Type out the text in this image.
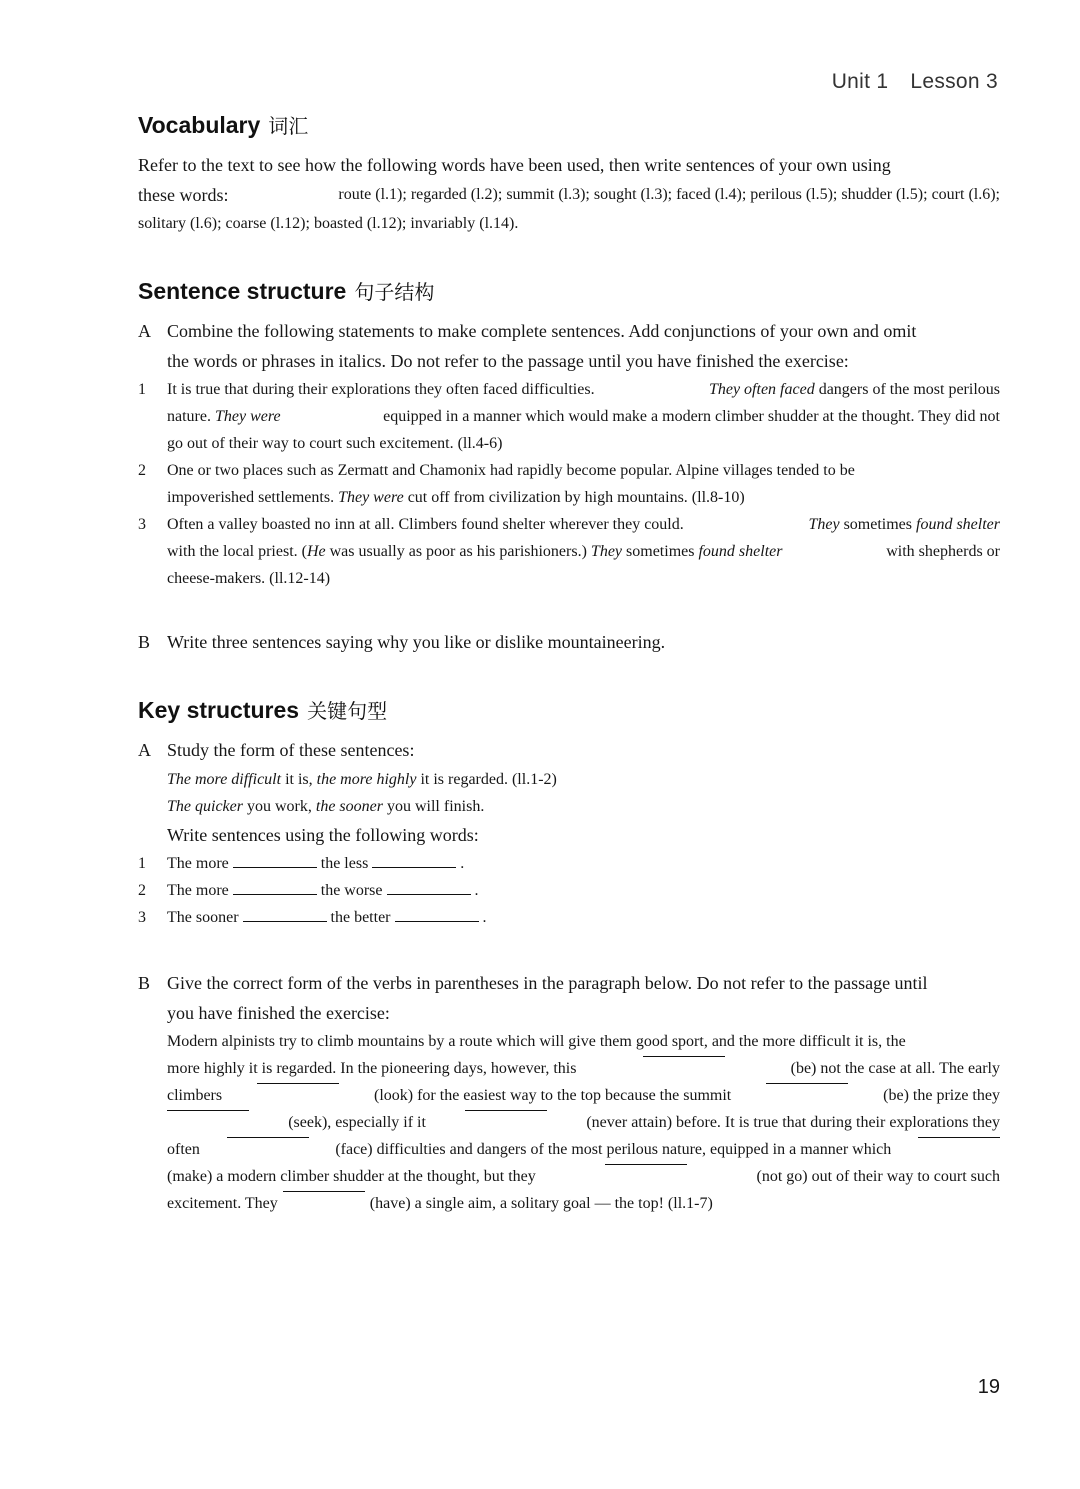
Unit 1 Lesson 3
Vocabulary 词汇
Refer to the text to see how the following words have been used, then write sentences of your own using
these words:	route (l.1); regarded (l.2); summit (l.3); sought (l.3); faced (l.4); perilous (l.5); shudder (l.5); court (l.6);
solitary (l.6); coarse (l.12); boasted (l.12); invariably (l.14).
Sentence structure 句子结构
A Combine the following statements to make complete sentences. Add conjunctions of your own and omit
the words or phrases in italics. Do not refer to the passage until you have finished the exercise:
1 It is true that during their explorations they often faced difficulties.	They often faced dangers of the most perilous
nature. They were	equipped in a manner which would make a modern climber shudder at the thought. They did not
go out of their way to court such excitement. (ll.4-6)
2 One or two places such as Zermatt and Chamonix had rapidly become popular. Alpine villages tended to be
impoverished settlements. They were cut off from civilization by high mountains. (ll.8-10)
3 Often a valley boasted no inn at all. Climbers found shelter wherever they could.	They sometimes found shelter
with the local priest. (He was usually as poor as his parishioners.) They sometimes found shelter	with shepherds or
cheese-makers. (ll.12-14)
B Write three sentences saying why you like or dislike mountaineering.
Key structures 关键句型
A Study the form of these sentences:
The more difficult it is, the more highly it is regarded. (ll.1-2)
The quicker you work, the sooner you will finish.
Write sentences using the following words:
1 The more	the less	.
2 The more	the worse	.
3 The sooner	the better	.
B Give the correct form of the verbs in parentheses in the paragraph below. Do not refer to the passage until
you have finished the exercise:
Modern alpinists try to climb mountains by a route which will give them good sport, and the more difficult it is, the
more highly it is regarded. In the pioneering days, however, this	(be) not the case at all. The early
climbers	(look) for the easiest way to the top because the summit	(be) the prize they
(seek), especially if it	(never attain) before. It is true that during their explorations they
often	(face) difficulties and dangers of the most perilous nature, equipped in a manner which
(make) a modern climber shudder at the thought, but they	(not go) out of their way to court such
excitement. They	(have) a single aim, a solitary goal — the top! (ll.1-7)
19
